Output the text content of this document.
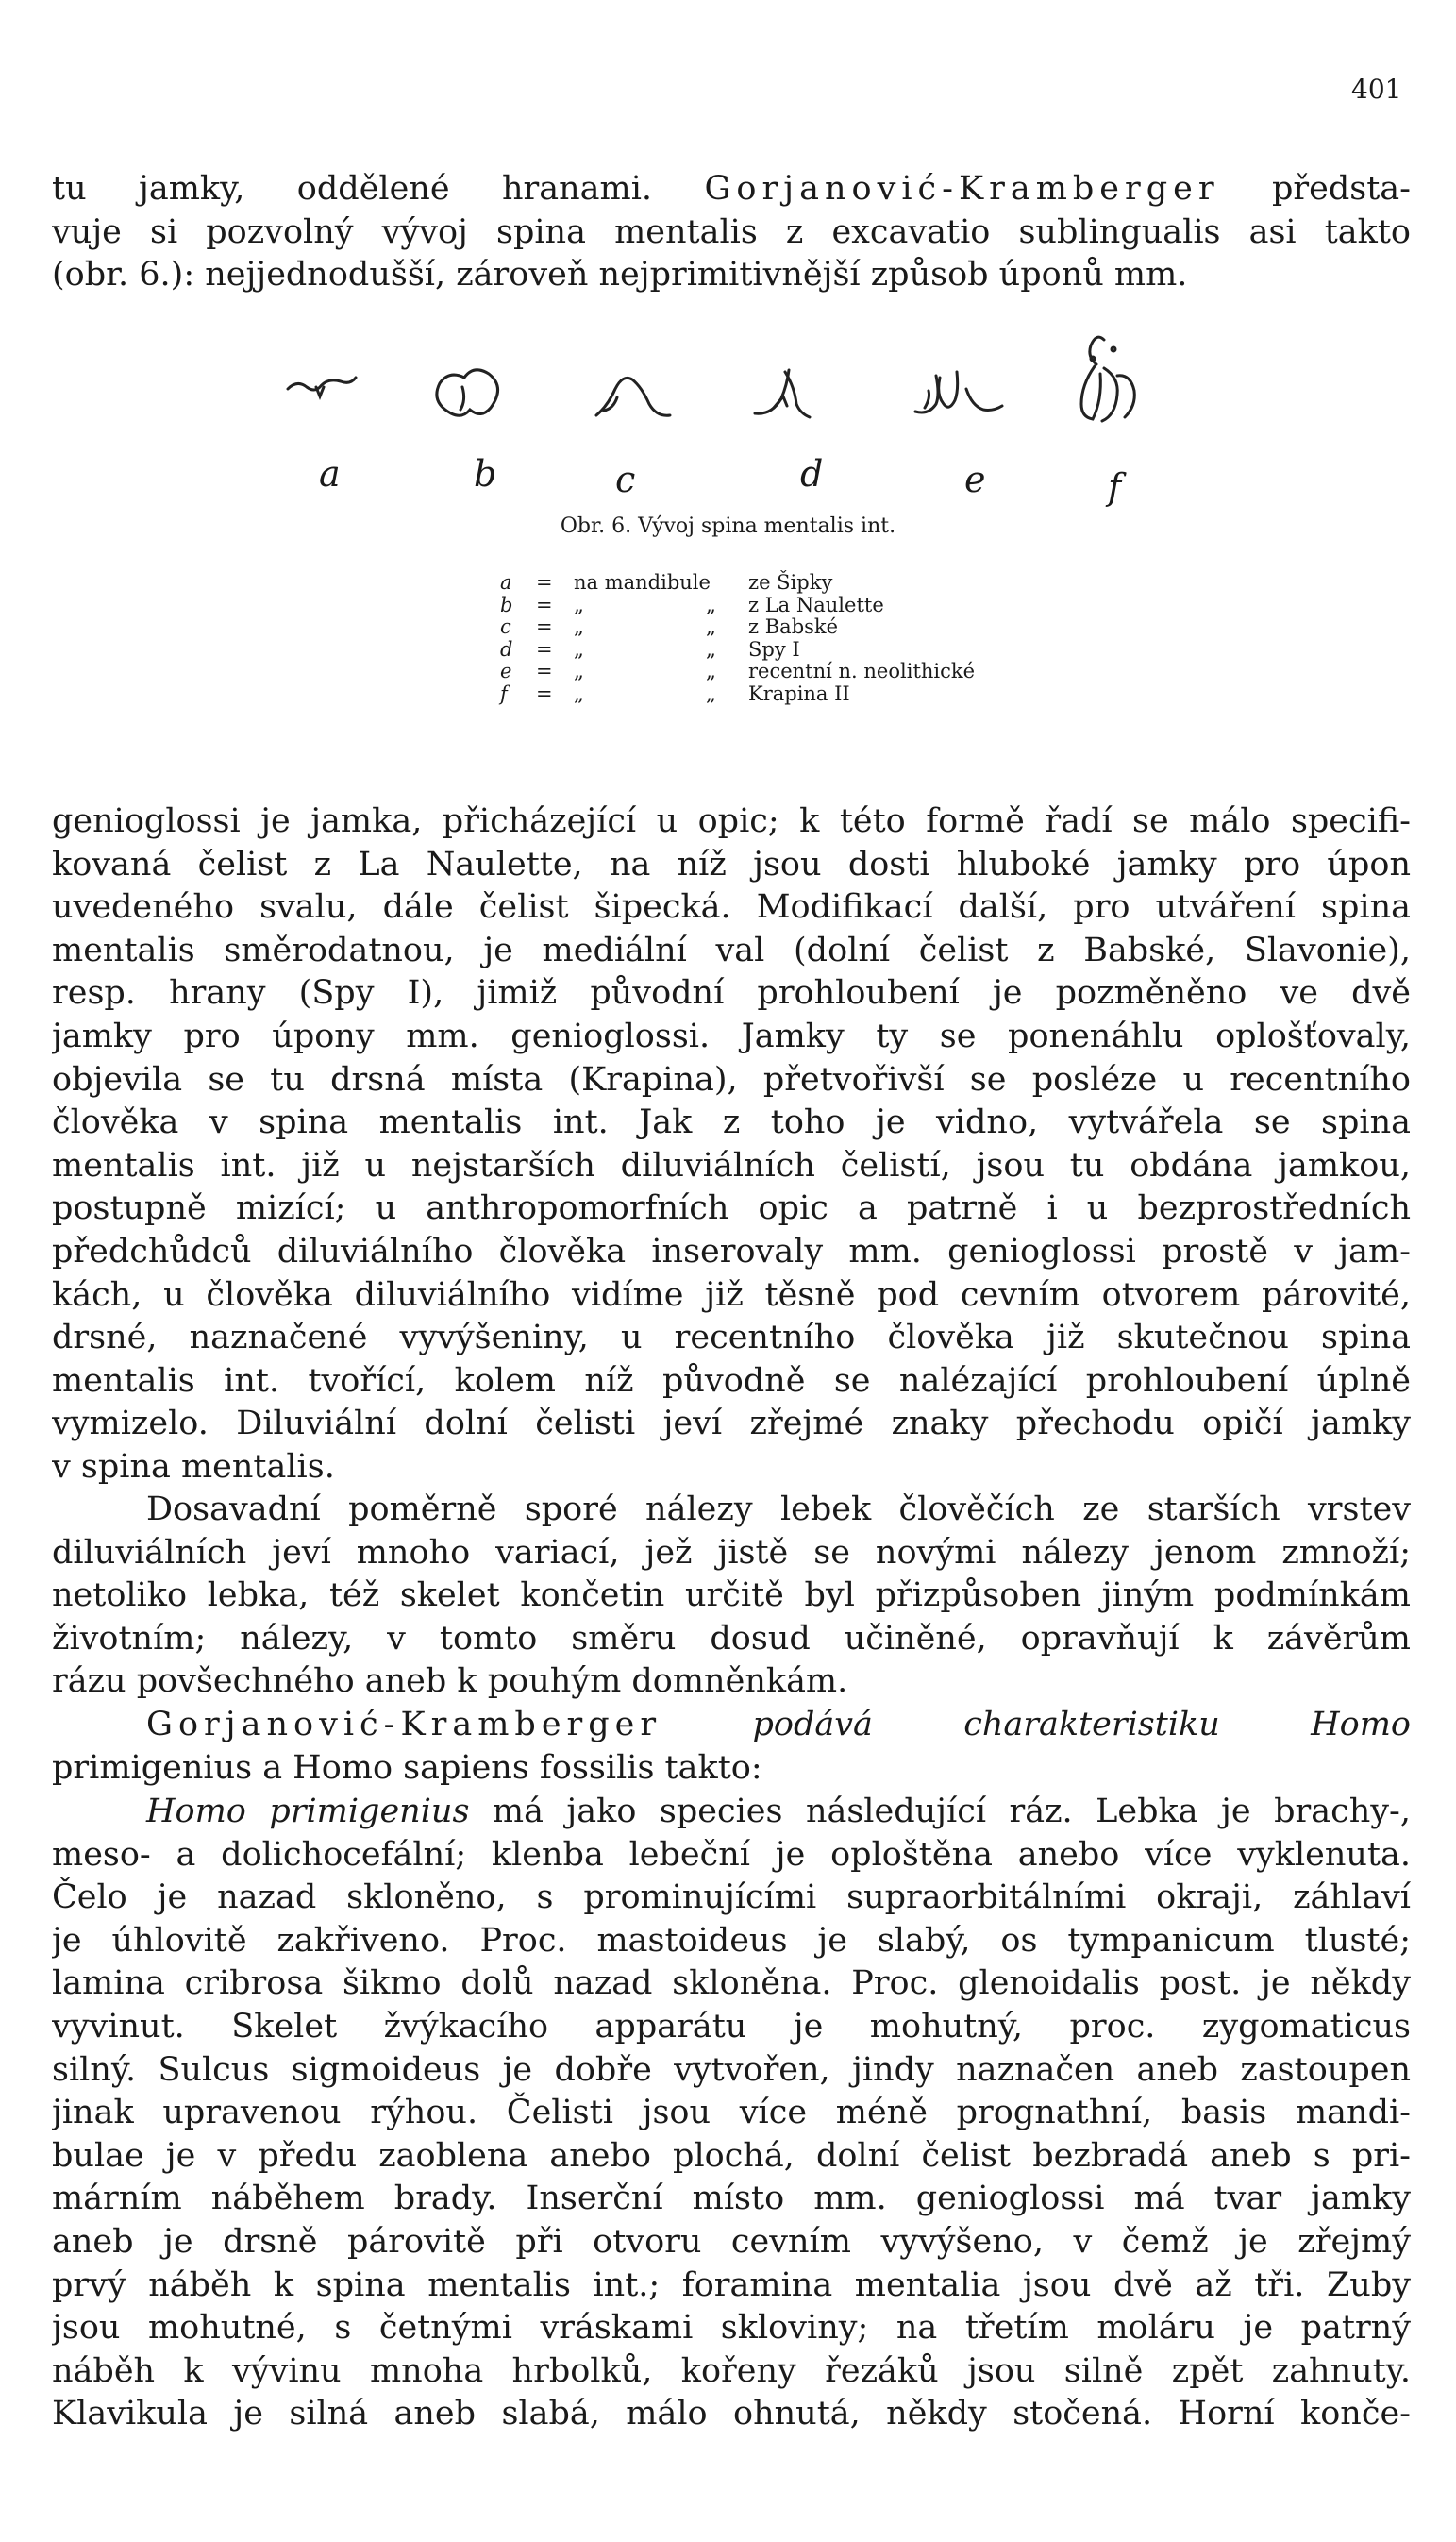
401
tu jamky, oddělené hranami. Gorjanović-Kramberger předsta-
vuje si pozvolný vývoj spina mentalis z excavatio sublingualis asi takto
(obr. 6.): nejjednodušší, zároveň nejprimitivnější způsob úponů mm.
a	b	c	d	e	f
Obr. 6. Vývoj spina mentalis int.
a	=	na mandibule	ze Šipky
b	=	„	„	z La Naulette
c	=	„	„	z Babské
d	=	„	„	Spy I
e	=	„	„	recentní n. neolithické
f	=	„	„	Krapina II
genioglossi je jamka, přicházející u opic; k této formě řadí se málo specifi-
kovaná čelist z La Naulette, na níž jsou dosti hluboké jamky pro úpon
uvedeného svalu, dále čelist šipecká. Modifikací další, pro utváření spina
mentalis směrodatnou, je mediální val (dolní čelist z Babské, Slavonie),
resp. hrany (Spy I), jimiž původní prohloubení je pozměněno ve dvě
jamky pro úpony mm. genioglossi. Jamky ty se ponenáhlu oplošťovaly,
objevila se tu drsná místa (Krapina), přetvořivší se posléze u recentního
člověka v spina mentalis int. Jak z toho je vidno, vytvářela se spina
mentalis int. již u nejstarších diluviálních čelistí, jsou tu obdána jamkou,
postupně mizící; u anthropomorfních opic a patrně i u bezprostředních
předchůdců diluviálního člověka inserovaly mm. genioglossi prostě v jam-
kách, u člověka diluviálního vidíme již těsně pod cevním otvorem párovité,
drsné, naznačené vyvýšeniny, u recentního člověka již skutečnou spina
mentalis int. tvořící, kolem níž původně se nalézající prohloubení úplně
vymizelo. Diluviální dolní čelisti jeví zřejmé znaky přechodu opičí jamky
v spina mentalis.
Dosavadní poměrně sporé nálezy lebek člověčích ze starších vrstev
diluviálních jeví mnoho variací, jež jistě se novými nálezy jenom zmnoží;
netoliko lebka, též skelet končetin určitě byl přizpůsoben jiným podmínkám
životním; nálezy, v tomto směru dosud učiněné, opravňují k závěrům
rázu povšechného aneb k pouhým domněnkám.
Gorjanović-Kramberger podává charakteristiku Homo
primigenius a Homo sapiens fossilis takto:
Homo primigenius má jako species následující ráz. Lebka je brachy-,
meso- a dolichocefální; klenba lebeční je oploštěna anebo více vyklenuta.
Čelo je nazad skloněno, s prominujícími supraorbitálními okraji, záhlaví
je úhlovitě zakřiveno. Proc. mastoideus je slabý, os tympanicum tlusté;
lamina cribrosa šikmo dolů nazad skloněna. Proc. glenoidalis post. je někdy
vyvinut. Skelet žvýkacího apparátu je mohutný, proc. zygomaticus
silný. Sulcus sigmoideus je dobře vytvořen, jindy naznačen aneb zastoupen
jinak upravenou rýhou. Čelisti jsou více méně prognathní, basis mandi-
bulae je v předu zaoblena anebo plochá, dolní čelist bezbradá aneb s pri-
márním náběhem brady. Inserční místo mm. genioglossi má tvar jamky
aneb je drsně párovitě při otvoru cevním vyvýšeno, v čemž je zřejmý
prvý náběh k spina mentalis int.; foramina mentalia jsou dvě až tři. Zuby
jsou mohutné, s četnými vráskami skloviny; na třetím moláru je patrný
náběh k vývinu mnoha hrbolků, kořeny řezáků jsou silně zpět zahnuty.
Klavikula je silná aneb slabá, málo ohnutá, někdy stočená. Horní konče-
